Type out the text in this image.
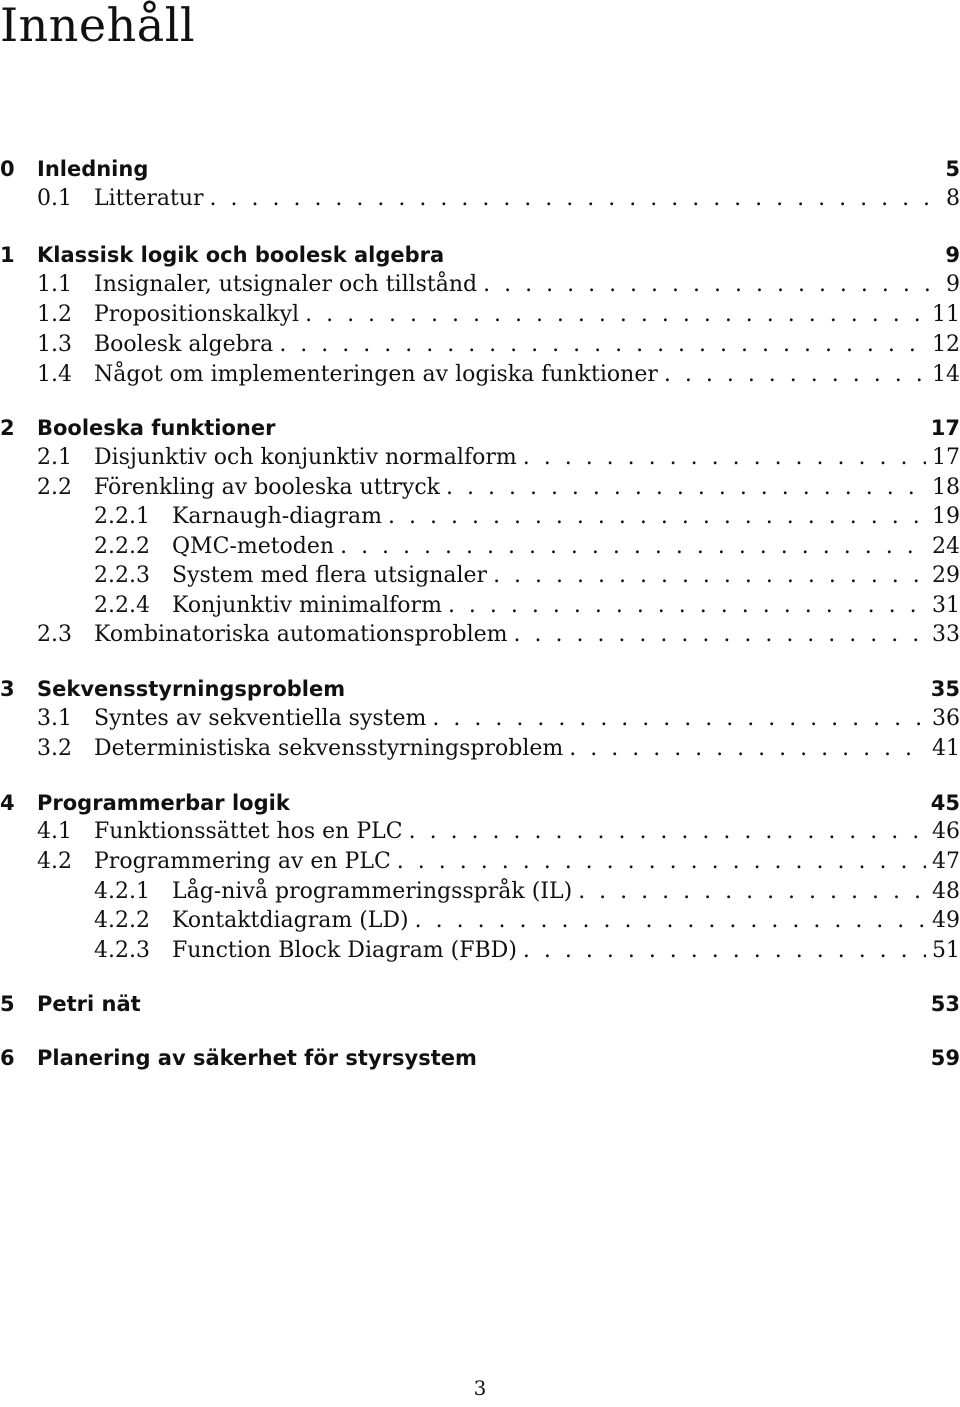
Innehåll
0	Inledning	5
0.1	Litteratur . . .	8
1	Klassisk logik och boolesk algebra	9
1.1	Insignaler, utsignaler och tillstånd . . .	9
1.2	Propositionskalkyl . . .	11
1.3	Boolesk algebra . . .	12
1.4	Något om implementeringen av logiska funktioner . . .	14
2	Booleska funktioner	17
2.1	Disjunktiv och konjunktiv normalform . . .	17
2.2	Förenkling av booleska uttryck . . .	18
2.2.1	Karnaugh-diagram . . .	19
2.2.2	QMC-metoden . . .	24
2.2.3	System med flera utsignaler . . .	29
2.2.4	Konjunktiv minimalform . . .	31
2.3	Kombinatoriska automationsproblem . . .	33
3	Sekvensstyrningsproblem	35
3.1	Syntes av sekventiella system . . .	36
3.2	Deterministiska sekvensstyrningsproblem . . .	41
4	Programmerbar logik	45
4.1	Funktionssättet hos en PLC . . .	46
4.2	Programmering av en PLC . . .	47
4.2.1	Låg-nivå programmeringsspråk (IL) . . .	48
4.2.2	Kontaktdiagram (LD) . . .	49
4.2.3	Function Block Diagram (FBD) . . .	51
5	Petri nät	53
6	Planering av säkerhet för styrsystem	59
3
